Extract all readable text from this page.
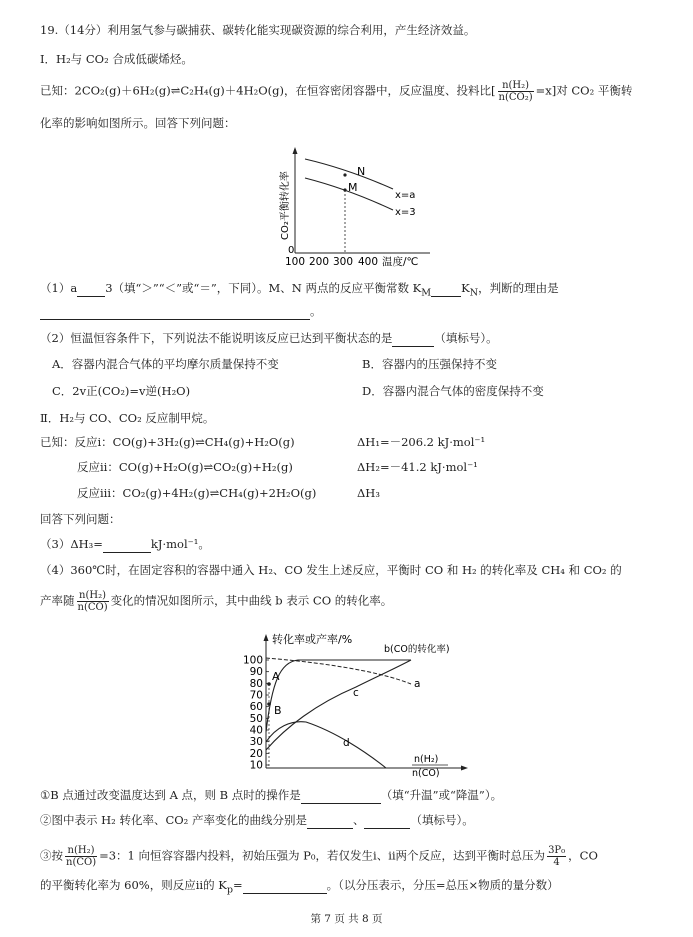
19.（14分）利用氢气参与碳捕获、碳转化能实现碳资源的综合利用，产生经济效益。
Ⅰ．H₂与 CO₂ 合成低碳烯烃。
已知：2CO₂(g)＋6H₂(g)⇌C₂H₄(g)＋4H₂O(g)，在恒容密闭容器中，反应温度、投料比[ $\frac{\text{n(H₂)}}{\text{n(CO₂)}} =x$]对 CO₂ 平衡转
化率的影响如图所示。回答下列问题：
N
M
x=a
x=3
0
100 200 300 400 温度/℃
CO₂平衡转化率
（1）a 3（填“＞”“＜”或“＝”，下同）。M、N 两点的反应平衡常数 $K_M$	$K_N$，判断的理由是
。
（2）恒温恒容条件下，下列说法不能说明该反应已达到平衡状态的是	（填标号）。
A．容器内混合气体的平均摩尔质量保持不变	B．容器内的压强保持不变
C．2v正(CO₂)=v逆(H₂O)	D．容器内混合气体的密度保持不变
Ⅱ．H₂与 CO、CO₂ 反应制甲烷。
已知：反应ⅰ：CO(g)+3H₂(g)⇌CH₄(g)+H₂O(g)	ΔH₁=－206.2 kJ·mol⁻¹
反应ⅱ：CO(g)+H₂O(g)⇌CO₂(g)+H₂(g)	ΔH₂=－41.2 kJ·mol⁻¹
反应ⅲ：CO₂(g)+4H₂(g)⇌CH₄(g)+2H₂O(g)	ΔH₃
回答下列问题：
（3）ΔH₃=	kJ·mol⁻¹。
（4）360℃时，在固定容积的容器中通入 H₂、CO 发生上述反应，平衡时 CO 和 H₂ 的转化率及 CH₄ 和 CO₂ 的
产率随 $\frac{\text{n(H₂)}}{n(CO)}$ 变化的情况如图所示，其中曲线 b 表示 CO 的转化率。
100
90
80
70
60
50
40
30
20
10
A
B
b(CO的转化率)
a
c
d
转化率或产率/%
n(H₂)
n(CO)
①B 点通过改变温度达到 A 点，则 B 点时的操作是	（填“升温”或“降温”）。
②图中表示 H₂ 转化率、CO₂ 产率变化的曲线分别是	、	（填标号）。
③按 $\frac{\text{n(H₂)}}{n(CO)} =3$：1 向恒容容器内投料，初始压强为 P₀，若仅发生ⅰ、ⅱ两个反应，达到平衡时总压为 $\frac{\text{3P₀}}{4}$ ，CO
的平衡转化率为 60%，则反应ⅱ的 $K_p=$	。（以分压表示，分压=总压×物质的量分数）
第 7 页 共 8 页
